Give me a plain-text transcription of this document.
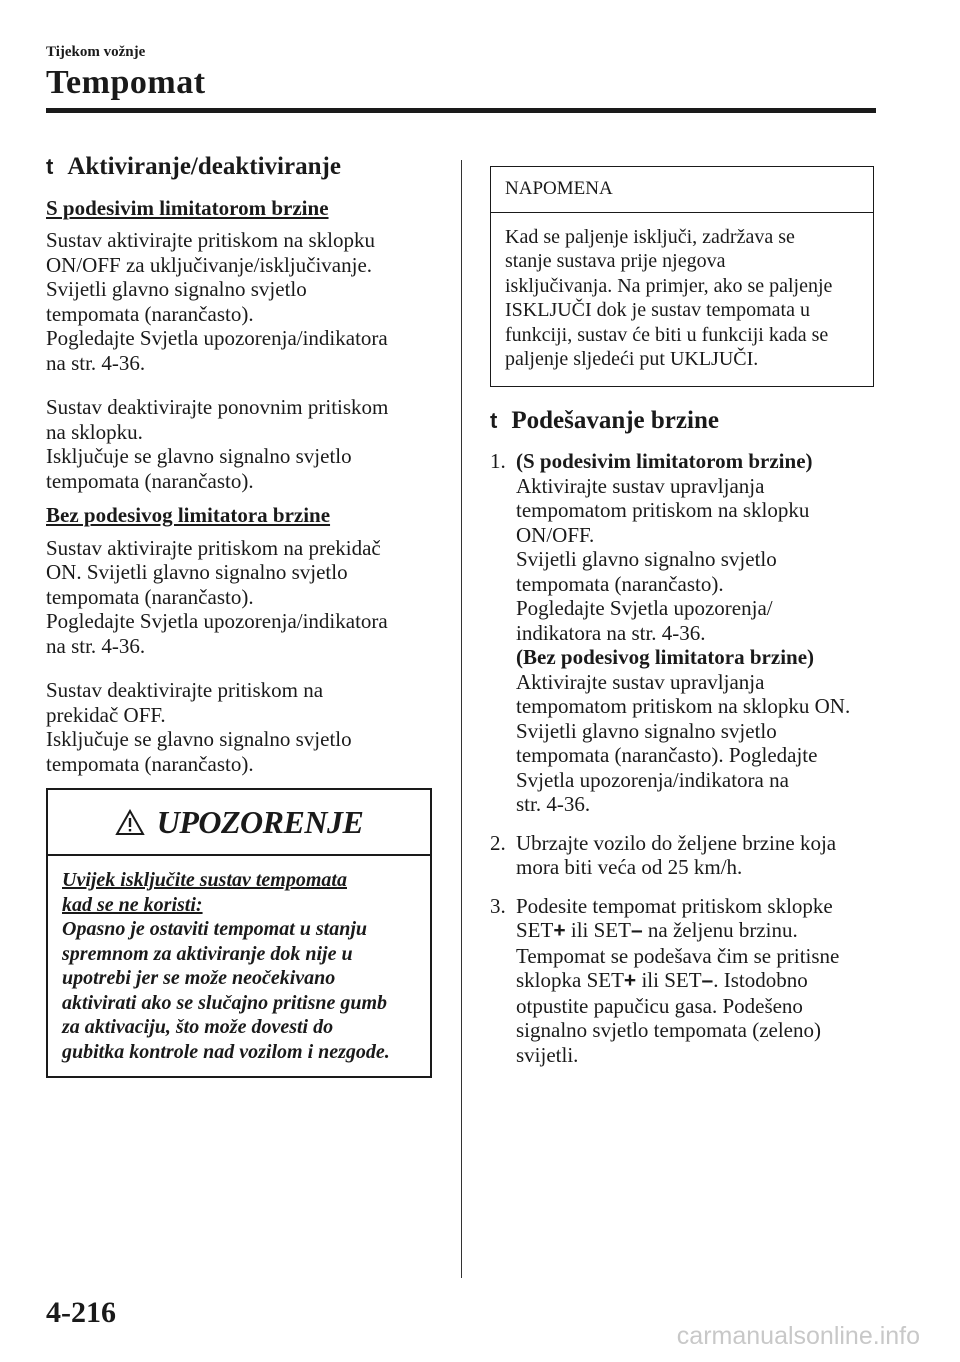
Tijekom vožnje
Tempomat
t Aktiviranje/deaktiviranje
S podesivim limitatorom brzine
Sustav aktivirajte pritiskom na sklopku
ON/OFF za uključivanje/isključivanje.
Svijetli glavno signalno svjetlo
tempomata (narančasto).
Pogledajte Svjetla upozorenja/indikatora
na str. 4-36.
Sustav deaktivirajte ponovnim pritiskom
na sklopku.
Isključuje se glavno signalno svjetlo
tempomata (narančasto).
Bez podesivog limitatora brzine
Sustav aktivirajte pritiskom na prekidač
ON. Svijetli glavno signalno svjetlo
tempomata (narančasto).
Pogledajte Svjetla upozorenja/indikatora
na str. 4-36.
Sustav deaktivirajte pritiskom na
prekidač OFF.
Isključuje se glavno signalno svjetlo
tempomata (narančasto).
UPOZORENJE
Uvijek isključite sustav tempomata
kad se ne koristi:
Opasno je ostaviti tempomat u stanju
spremnom za aktiviranje dok nije u
upotrebi jer se može neočekivano
aktivirati ako se slučajno pritisne gumb
za aktivaciju, što može dovesti do
gubitka kontrole nad vozilom i nezgode.
NAPOMENA
Kad se paljenje isključi, zadržava se
stanje sustava prije njegova
isključivanja. Na primjer, ako se paljenje
ISKLJUČI dok je sustav tempomata u
funkciji, sustav će biti u funkciji kada se
paljenje sljedeći put UKLJUČI.
t Podešavanje brzine
1. (S podesivim limitatorom brzine)
Aktivirajte sustav upravljanja
tempomatom pritiskom na sklopku
ON/OFF.
Svijetli glavno signalno svjetlo
tempomata (narančasto).
Pogledajte Svjetla upozorenja/
indikatora na str. 4-36.
(Bez podesivog limitatora brzine)
Aktivirajte sustav upravljanja
tempomatom pritiskom na sklopku ON.
Svijetli glavno signalno svjetlo
tempomata (narančasto). Pogledajte
Svjetla upozorenja/indikatora na
str. 4-36.
2. Ubrzajte vozilo do željene brzine koja
mora biti veća od 25 km/h.
3. Podesite tempomat pritiskom sklopke
SET+ ili SET– na željenu brzinu.
Tempomat se podešava čim se pritisne
sklopka SET+ ili SET–. Istodobno
otpustite papučicu gasa. Podešeno
signalno svjetlo tempomata (zeleno)
svijetli.
4-216
carmanualsonline.info
